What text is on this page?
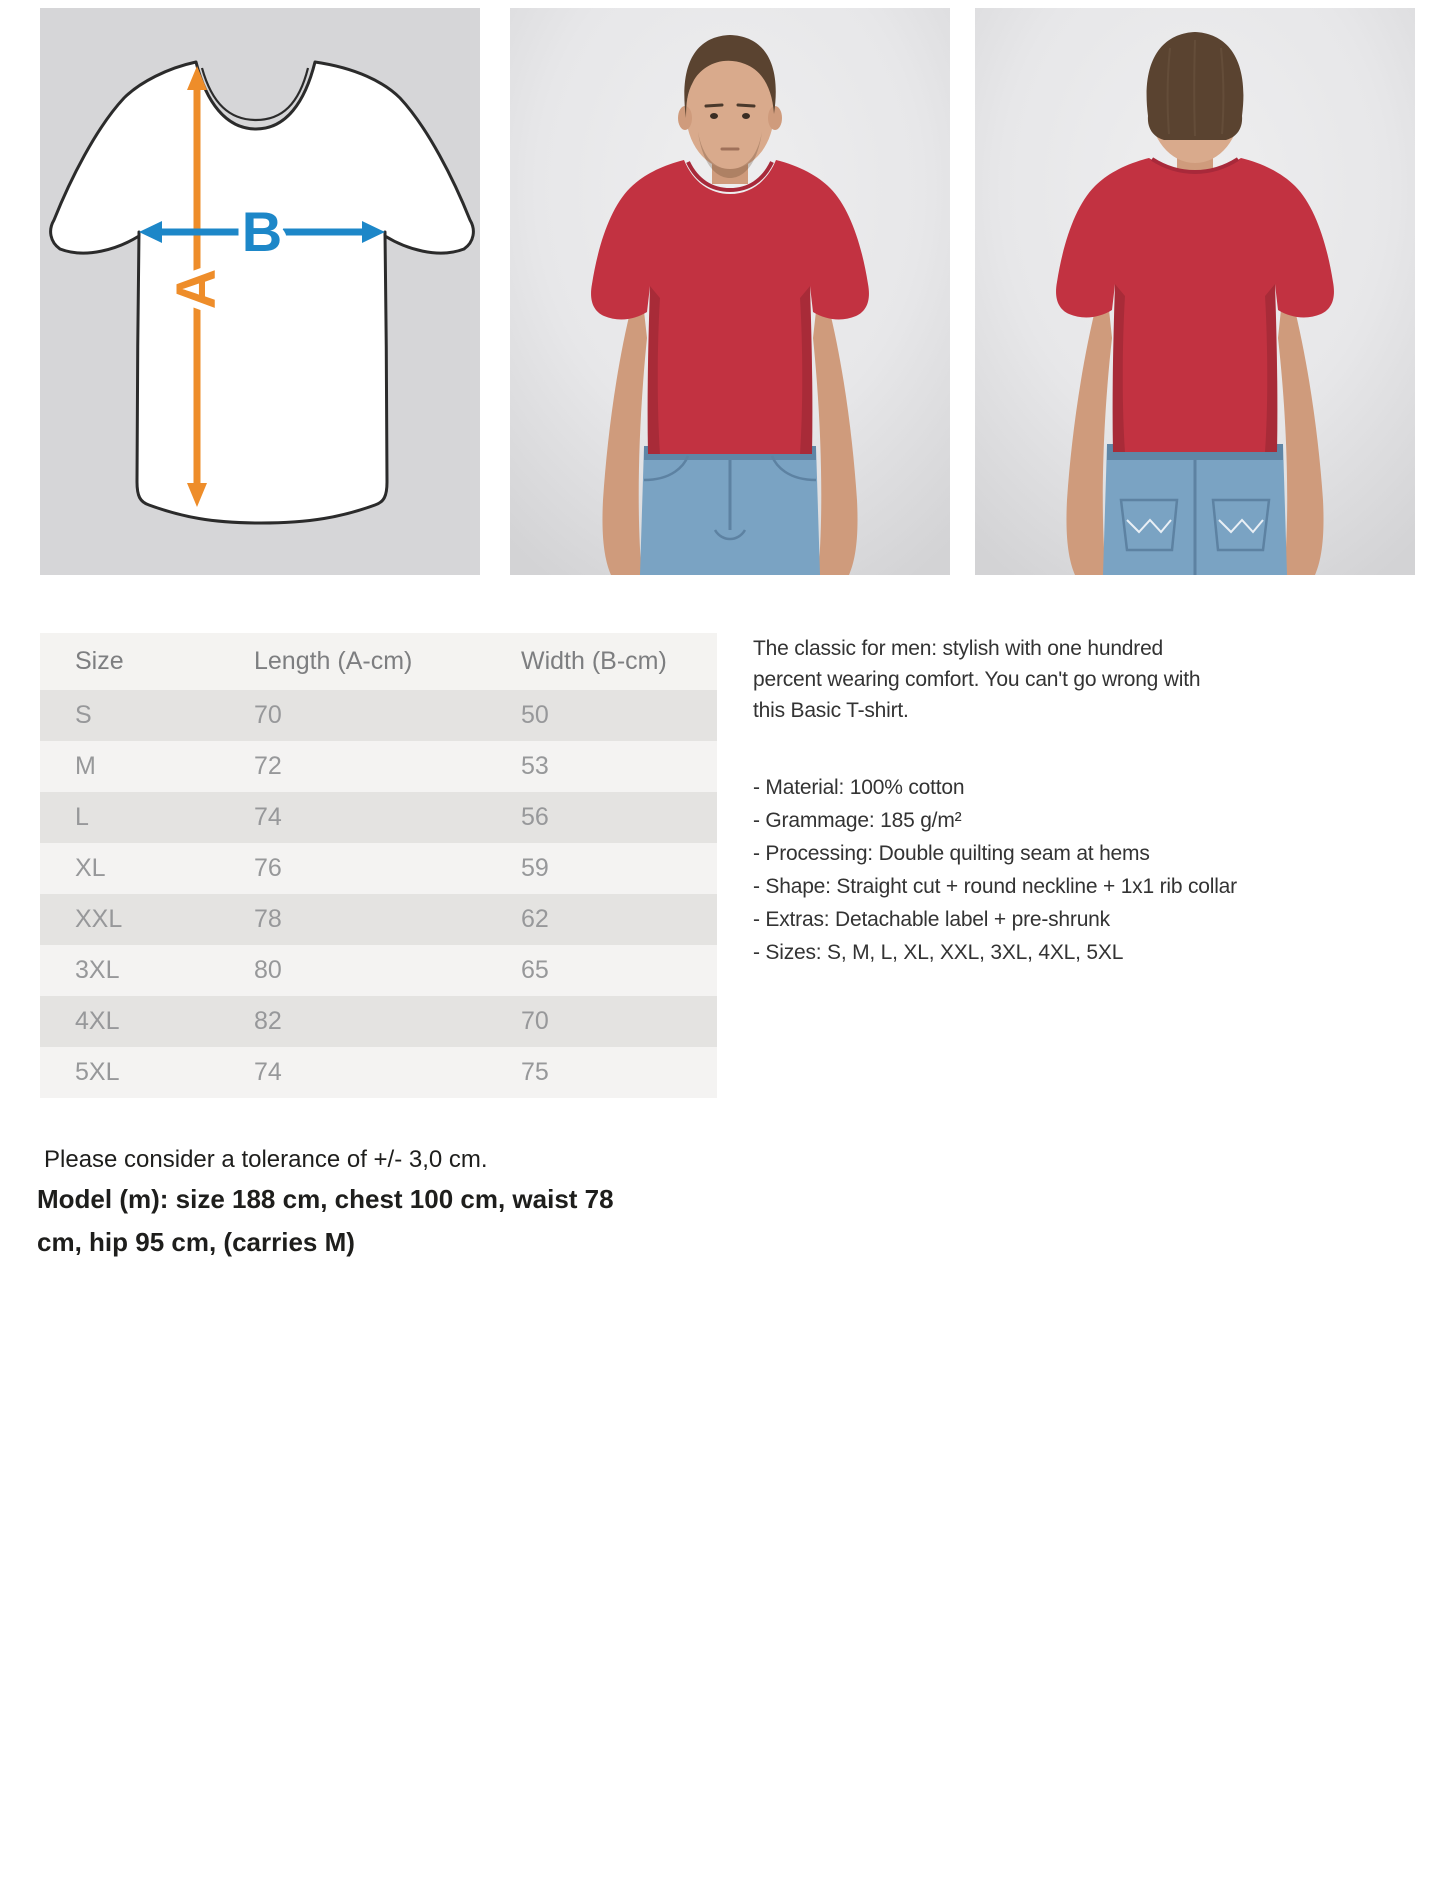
A
B
Size	Length (A-cm)	Width (B-cm)
S	70	50
M	72	53
L	74	56
XL	76	59
XXL	78	62
3XL	80	65
4XL	82	70
5XL	74	75

The classic for men: stylish with one hundred percent wearing comfort. You can't go wrong with this Basic T-shirt.

- Material: 100% cotton
- Grammage: 185 g/m²
- Processing: Double quilting seam at hems
- Shape: Straight cut + round neckline + 1x1 rib collar
- Extras: Detachable label + pre-shrunk
- Sizes: S, M, L, XL, XXL, 3XL, 4XL, 5XL
Please consider a tolerance of +/- 3,0 cm.
Model (m): size 188 cm, chest 100 cm, waist 78 cm, hip 95 cm, (carries M)
